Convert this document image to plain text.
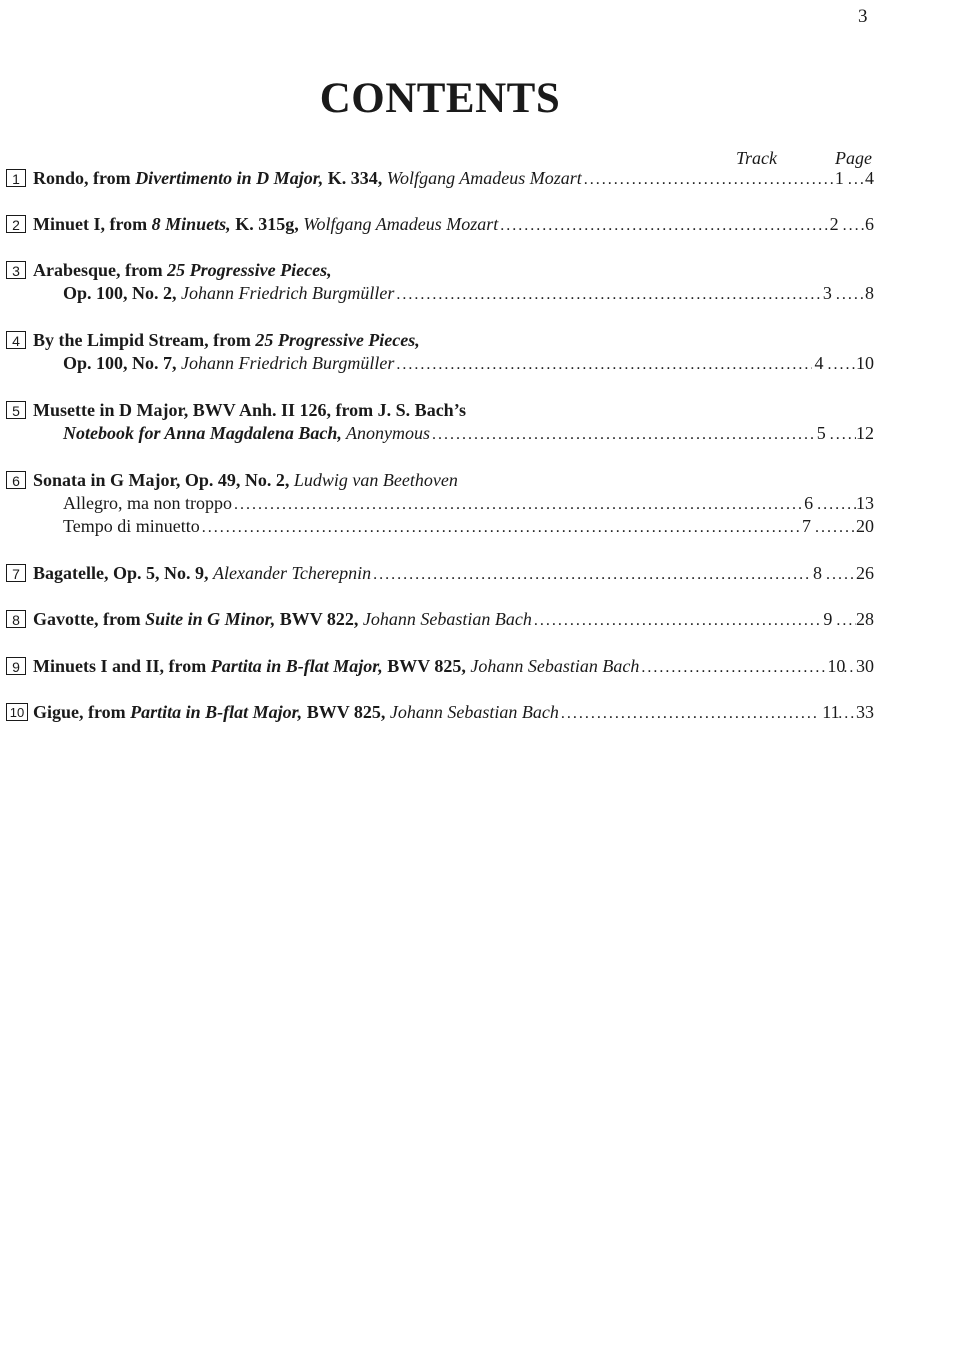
3
CONTENTS
Track	Page
1 Rondo, from Divertimento in D Major, K. 334, Wolfgang Amadeus Mozart .....	1 ..... 4
2 Minuet I, from 8 Minuets, K. 315g, Wolfgang Amadeus Mozart .....	2 ..... 6
3 Arabesque, from 25 Progressive Pieces,
Op. 100, No. 2, Johann Friedrich Burgmüller .....	3 ..... 8
4 By the Limpid Stream, from 25 Progressive Pieces,
Op. 100, No. 7, Johann Friedrich Burgmüller .....	4 ..... 10
5 Musette in D Major, BWV Anh. II 126, from J. S. Bach’s
Notebook for Anna Magdalena Bach, Anonymous .....	5 ..... 12
6 Sonata in G Major, Op. 49, No. 2, Ludwig van Beethoven
Allegro, ma non troppo .....	6 ..... 13
Tempo di minuetto .....	7 .....	20
7 Bagatelle, Op. 5, No. 9, Alexander Tcherepnin .....	8 ..... 26
8 Gavotte, from Suite in G Minor, BWV 822, Johann Sebastian Bach .....	9 ..... 28
9 Minuets I and II, from Partita in B-flat Major, BWV 825, Johann Sebastian Bach .....	10 ..... 30
10 Gigue, from Partita in B-flat Major, BWV 825, Johann Sebastian Bach .....	11 ..... 33
